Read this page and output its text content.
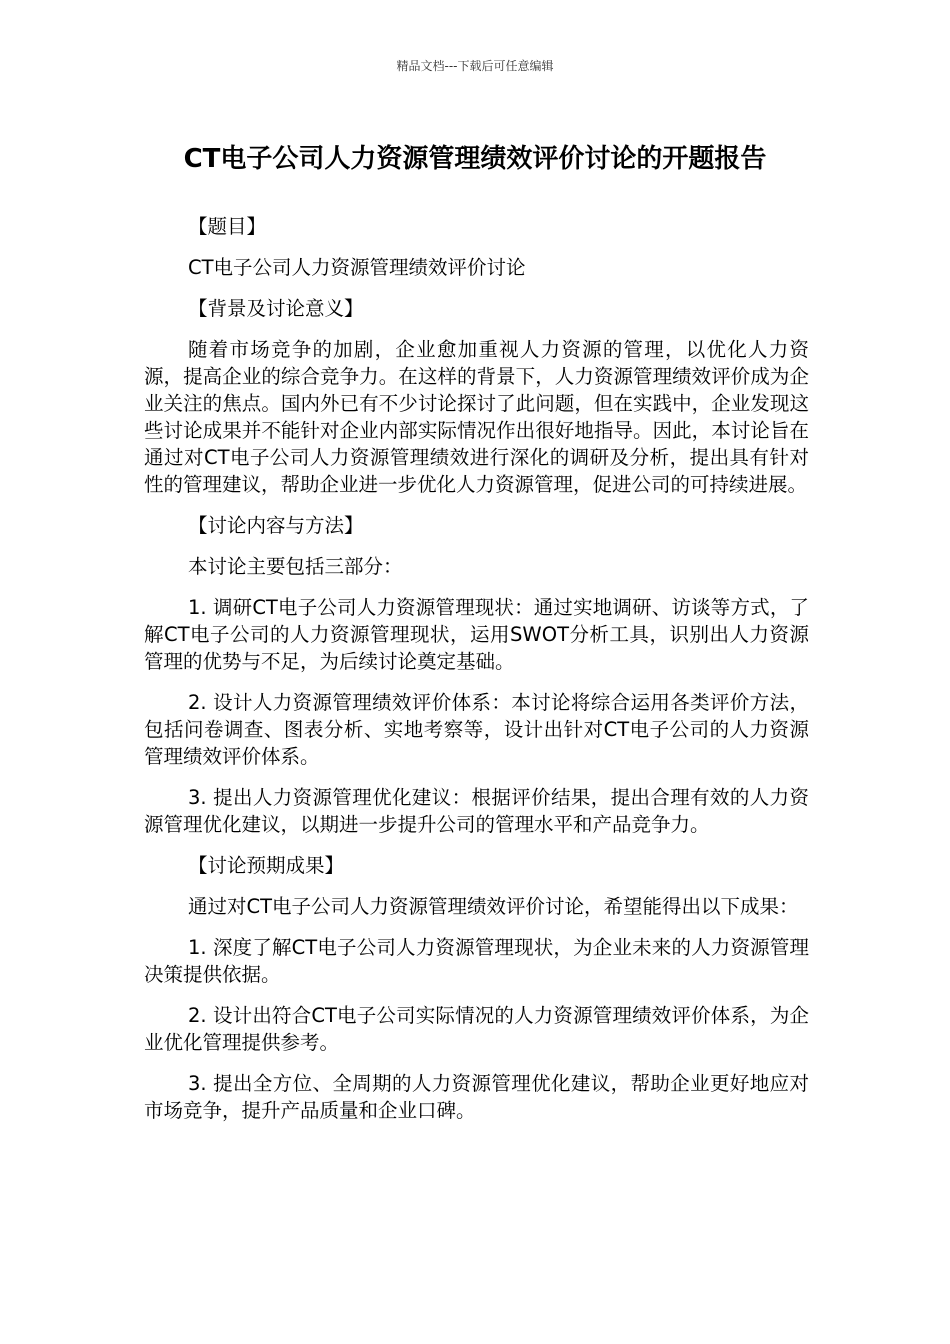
精品文档---下载后可任意编辑
CT电子公司人力资源管理绩效评价讨论的开题报告

【题目】

CT电子公司人力资源管理绩效评价讨论

【背景及讨论意义】

随着市场竞争的加剧，企业愈加重视人力资源的管理，以优化人力资源，提高企业的综合竞争力。在这样的背景下，人力资源管理绩效评价成为企业关注的焦点。国内外已有不少讨论探讨了此问题，但在实践中，企业发现这些讨论成果并不能针对企业内部实际情况作出很好地指导。因此，本讨论旨在通过对CT电子公司人力资源管理绩效进行深化的调研及分析，提出具有针对性的管理建议，帮助企业进一步优化人力资源管理，促进公司的可持续进展。

【讨论内容与方法】

本讨论主要包括三部分：

1. 调研CT电子公司人力资源管理现状：通过实地调研、访谈等方式，了解CT电子公司的人力资源管理现状，运用SWOT分析工具，识别出人力资源管理的优势与不足，为后续讨论奠定基础。

2. 设计人力资源管理绩效评价体系：本讨论将综合运用各类评价方法，包括问卷调查、图表分析、实地考察等，设计出针对CT电子公司的人力资源管理绩效评价体系。

3. 提出人力资源管理优化建议：根据评价结果，提出合理有效的人力资源管理优化建议，以期进一步提升公司的管理水平和产品竞争力。

【讨论预期成果】

通过对CT电子公司人力资源管理绩效评价讨论，希望能得出以下成果：

1. 深度了解CT电子公司人力资源管理现状，为企业未来的人力资源管理决策提供依据。

2. 设计出符合CT电子公司实际情况的人力资源管理绩效评价体系，为企业优化管理提供参考。

3. 提出全方位、全周期的人力资源管理优化建议，帮助企业更好地应对市场竞争，提升产品质量和企业口碑。
